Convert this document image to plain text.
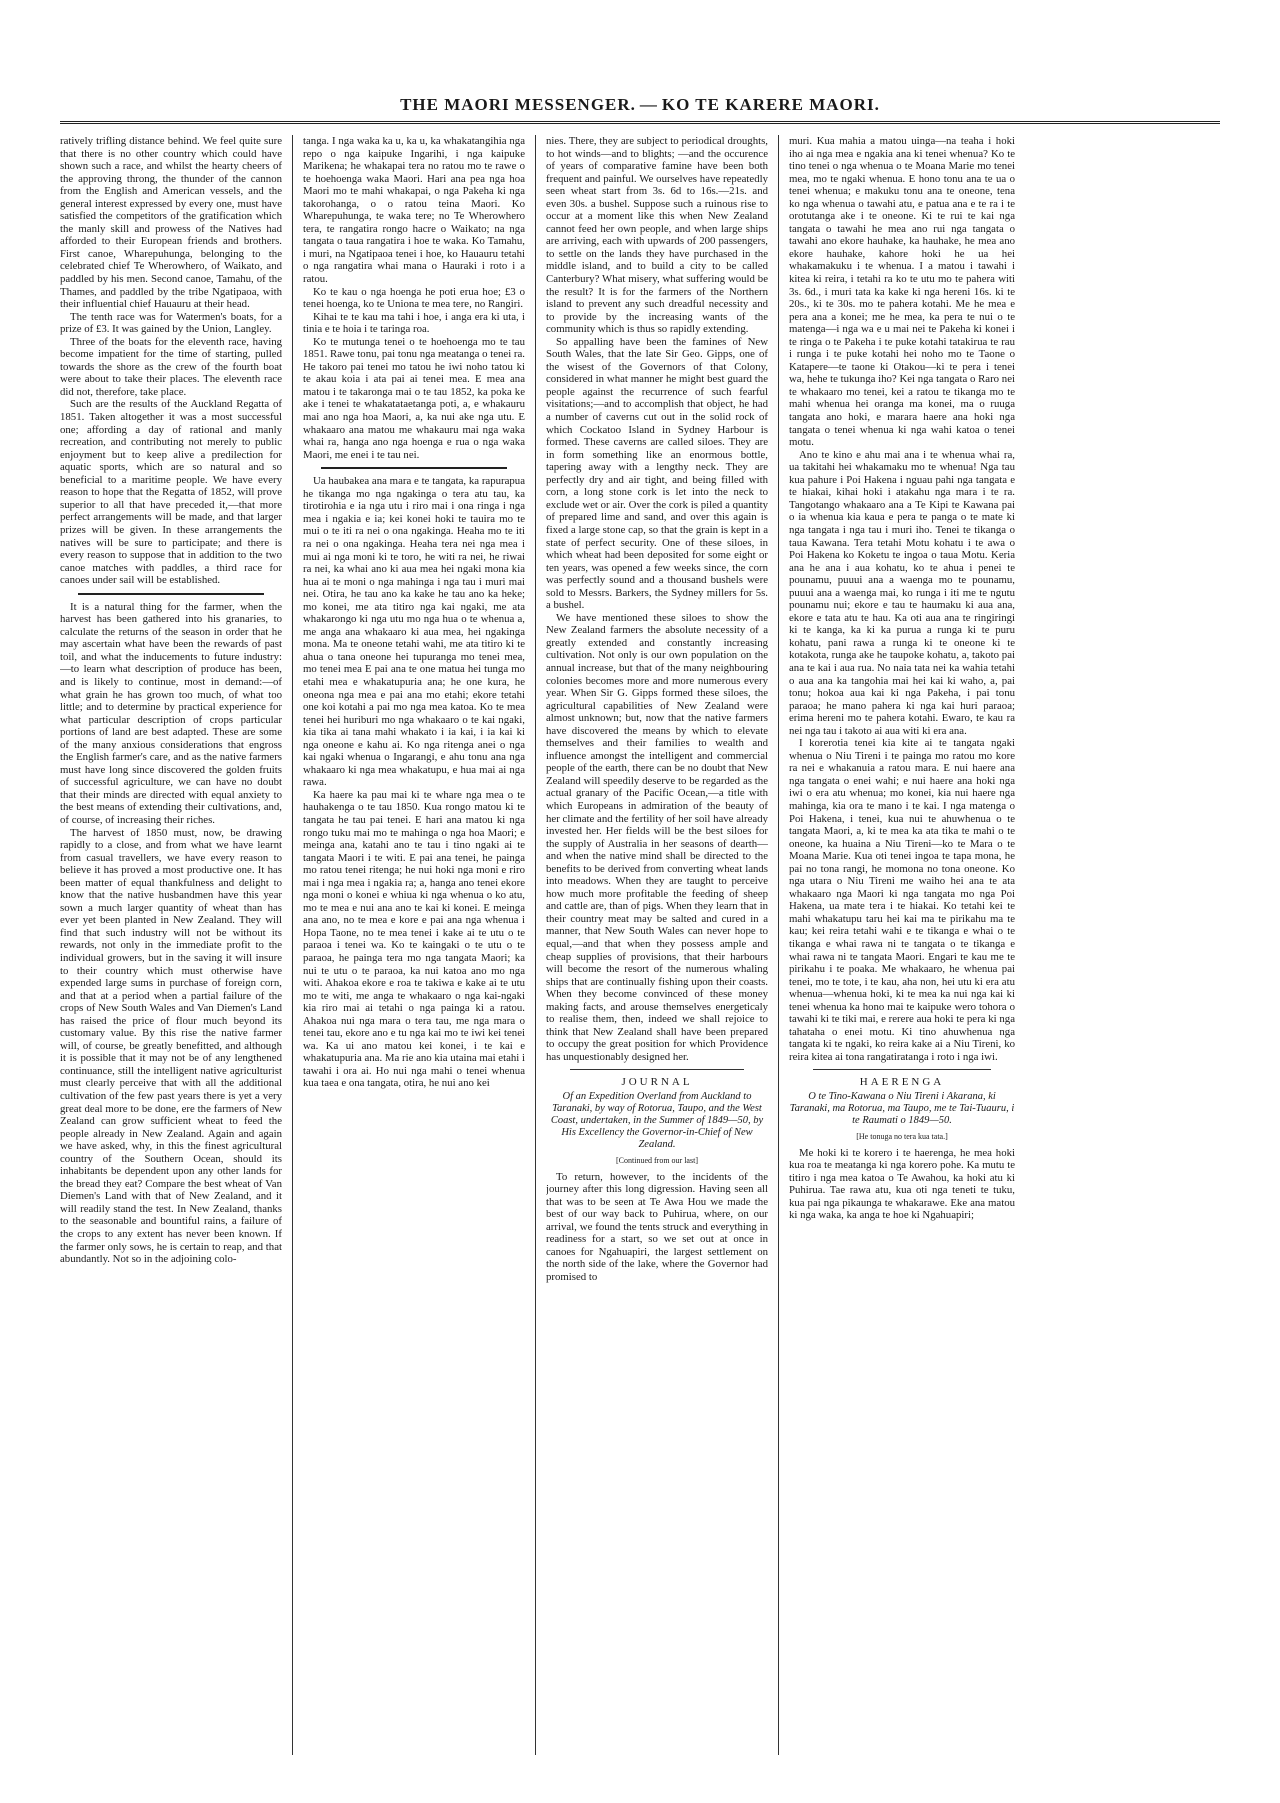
THE MAORI MESSENGER. — KO TE KARERE MAORI.

ratively trifling distance behind. We feel quite sure that there is no other country which could have shown such a race, and whilst the hearty cheers of the approving throng, the thunder of the cannon from the English and American vessels, and the general interest expressed by every one, must have satisfied the competitors of the gratification which the manly skill and prowess of the Natives had afforded to their European friends and brothers. First canoe, Wharepuhunga, belonging to the celebrated chief Te Wherowhero, of Waikato, and paddled by his men. Second canoe, Tamahu, of the Thames, and paddled by the tribe Ngatipaoa, with their influential chief Hauauru at their head.

The tenth race was for Watermen's boats, for a prize of £3. It was gained by the Union, Langley.

Three of the boats for the eleventh race, having become impatient for the time of starting, pulled towards the shore as the crew of the fourth boat were about to take their places. The eleventh race did not, therefore, take place.

Such are the results of the Auckland Regatta of 1851. Taken altogether it was a most successful one; affording a day of rational and manly recreation, and contributing not merely to public enjoyment but to keep alive a predilection for aquatic sports, which are so natural and so beneficial to a maritime people. We have every reason to hope that the Regatta of 1852, will prove superior to all that have preceded it,—that more perfect arrangements will be made, and that larger prizes will be given. In these arrangements the natives will be sure to participate; and there is every reason to suppose that in addition to the two canoe matches with paddles, a third race for canoes under sail will be established.

It is a natural thing for the farmer, when the harvest has been gathered into his granaries, to calculate the returns of the season in order that he may ascertain what have been the rewards of past toil, and what the inducements to future industry:—to learn what description of produce has been, and is likely to continue, most in demand:—of what grain he has grown too much, of what too little; and to determine by practical experience for what particular description of crops particular portions of land are best adapted. These are some of the many anxious considerations that engross the English farmer's care, and as the native farmers must have long since discovered the golden fruits of successful agriculture, we can have no doubt that their minds are directed with equal anxiety to the best means of extending their cultivations, and, of course, of increasing their riches.

The harvest of 1850 must, now, be drawing rapidly to a close, and from what we have learnt from casual travellers, we have every reason to believe it has proved a most productive one. It has been matter of equal thankfulness and delight to know that the native husbandmen have this year sown a much larger quantity of wheat than has ever yet been planted in New Zealand. They will find that such industry will not be without its rewards, not only in the immediate profit to the individual growers, but in the saving it will insure to their country which must otherwise have expended large sums in purchase of foreign corn, and that at a period when a partial failure of the crops of New South Wales and Van Diemen's Land has raised the price of flour much beyond its customary value. By this rise the native farmer will, of course, be greatly benefitted, and although it is possible that it may not be of any lengthened continuance, still the intelligent native agriculturist must clearly perceive that with all the additional cultivation of the few past years there is yet a very great deal more to be done, ere the farmers of New Zealand can grow sufficient wheat to feed the people already in New Zealand. Again and again we have asked, why, in this the finest agricultural country of the Southern Ocean, should its inhabitants be dependent upon any other lands for the bread they eat? Compare the best wheat of Van Diemen's Land with that of New Zealand, and it will readily stand the test. In New Zealand, thanks to the seasonable and bountiful rains, a failure of the crops to any extent has never been known. If the farmer only sows, he is certain to reap, and that abundantly. Not so in the adjoining colo-

tanga. I nga waka ka u, ka u, ka whakatangihia nga repo o nga kaipuke Ingarihi, i nga kaipuke Marikena; he whakapai tera no ratou mo te rawe o te hoehoenga waka Maori. Hari ana pea nga hoa Maori mo te mahi whakapai, o nga Pakeha ki nga takorohanga, o o ratou teina Maori. Ko Wharepuhunga, te waka tere; no Te Wherowhero tera, te rangatira rongo hacre o Waikato; na nga tangata o taua rangatira i hoe te waka. Ko Tamahu, i muri, na Ngatipaoa tenei i hoe, ko Hauauru tetahi o nga rangatira whai mana o Hauraki i roto i a ratou.

Ko te kau o nga hoenga he poti erua hoe; £3 o tenei hoenga, ko te Uniona te mea tere, no Rangiri.

Kihai te te kau ma tahi i hoe, i anga era ki uta, i tinia e te hoia i te taringa roa.

Ko te mutunga tenei o te hoehoenga mo te tau 1851. Rawe tonu, pai tonu nga meatanga o tenei ra. He takoro pai tenei mo tatou he iwi noho tatou ki te akau koia i ata pai ai tenei mea. E mea ana matou i te takaronga mai o te tau 1852, ka poka ke ake i tenei te whakatataetanga poti, a, e whakauru mai ano nga hoa Maori, a, ka nui ake nga utu. E whakaaro ana matou me whakauru mai nga waka whai ra, hanga ano nga hoenga e rua o nga waka Maori, me enei i te tau nei.

Ua haubakea ana mara e te tangata, ka rapurapua he tikanga mo nga ngakinga o tera atu tau, ka tirotirohia e ia nga utu i riro mai i ona ringa i nga mea i ngakia e ia; kei konei hoki te tauira mo te mui o te iti ra nei o ona ngakinga. Heaha mo te iti ra nei o ona ngakinga. Heaha tera nei nga mea i mui ai nga moni ki te toro, he witi ra nei, he riwai ra nei, ka whai ano ki aua mea hei ngaki mona kia hua ai te moni o nga mahinga i nga tau i muri mai nei. Otira, he tau ano ka kake he tau ano ka heke; mo konei, me ata titiro nga kai ngaki, me ata whakarongo ki nga utu mo nga hua o te whenua a, me anga ana whakaaro ki aua mea, hei ngakinga mona. Ma te oneone tetahi wahi, me ata titiro ki te ahua o tana oneone hei tupuranga mo tenei mea, mo tenei mea E pai ana te one matua hei tunga mo etahi mea e whakatupuria ana; he one kura, he oneona nga mea e pai ana mo etahi; ekore tetahi one koi kotahi a pai mo nga mea katoa. Ko te mea tenei hei huriburi mo nga whakaaro o te kai ngaki, kia tika ai tana mahi whakato i ia kai, i ia kai ki nga oneone e kahu ai. Ko nga ritenga anei o nga kai ngaki whenua o Ingarangi, e ahu tonu ana nga whakaaro ki nga mea whakatupu, e hua mai ai nga rawa.

Ka haere ka pau mai ki te whare nga mea o te hauhakenga o te tau 1850. Kua rongo matou ki te tangata he tau pai tenei. E hari ana matou ki nga rongo tuku mai mo te mahinga o nga hoa Maori; e meinga ana, katahi ano te tau i tino ngaki ai te tangata Maori i te witi. E pai ana tenei, he painga mo ratou tenei ritenga; he nui hoki nga moni e riro mai i nga mea i ngakia ra; a, hanga ano tenei ekore nga moni o konei e whiua ki nga whenua o ko atu, mo te mea e nui ana ano te kai ki konei. E meinga ana ano, no te mea e kore e pai ana nga whenua i Hopa Taone, no te mea tenei i kake ai te utu o te paraoa i tenei wa. Ko te kaingaki o te utu o te paraoa, he painga tera mo nga tangata Maori; ka nui te utu o te paraoa, ka nui katoa ano mo nga witi. Ahakoa ekore e roa te takiwa e kake ai te utu mo te witi, me anga te whakaaro o nga kai-ngaki kia riro mai ai tetahi o nga painga ki a ratou. Ahakoa nui nga mara o tera tau, me nga mara o tenei tau, ekore ano e tu nga kai mo te iwi kei tenei wa. Ka ui ano matou kei konei, i te kai e whakatupuria ana. Ma rie ano kia utaina mai etahi i tawahi i ora ai. Ho nui nga mahi o tenei whenua kua taea e ona tangata, otira, he nui ano kei

nies. There, they are subject to periodical droughts, to hot winds—and to blights; —and the occurence of years of comparative famine have been both frequent and painful. We ourselves have repeatedly seen wheat start from 3s. 6d to 16s.—21s. and even 30s. a bushel. Suppose such a ruinous rise to occur at a moment like this when New Zealand cannot feed her own people, and when large ships are arriving, each with upwards of 200 passengers, to settle on the lands they have purchased in the middle island, and to build a city to be called Canterbury? What misery, what suffering would be the result? It is for the farmers of the Northern island to prevent any such dreadful necessity and to provide by the increasing wants of the community which is thus so rapidly extending.

So appalling have been the famines of New South Wales, that the late Sir Geo. Gipps, one of the wisest of the Governors of that Colony, considered in what manner he might best guard the people against the recurrence of such fearful visitations;—and to accomplish that object, he had a number of caverns cut out in the solid rock of which Cockatoo Island in Sydney Harbour is formed. These caverns are called siloes. They are in form something like an enormous bottle, tapering away with a lengthy neck. They are perfectly dry and air tight, and being filled with corn, a long stone cork is let into the neck to exclude wet or air. Over the cork is piled a quantity of prepared lime and sand, and over this again is fixed a large stone cap, so that the grain is kept in a state of perfect security. One of these siloes, in which wheat had been deposited for some eight or ten years, was opened a few weeks since, the corn was perfectly sound and a thousand bushels were sold to Messrs. Barkers, the Sydney millers for 5s. a bushel.

We have mentioned these siloes to show the New Zealand farmers the absolute necessity of a greatly extended and constantly increasing cultivation. Not only is our own population on the annual increase, but that of the many neighbouring colonies becomes more and more numerous every year. When Sir G. Gipps formed these siloes, the agricultural capabilities of New Zealand were almost unknown; but, now that the native farmers have discovered the means by which to elevate themselves and their families to wealth and influence amongst the intelligent and commercial people of the earth, there can be no doubt that New Zealand will speedily deserve to be regarded as the actual granary of the Pacific Ocean,—a title with which Europeans in admiration of the beauty of her climate and the fertility of her soil have already invested her. Her fields will be the best siloes for the supply of Australia in her seasons of dearth—and when the native mind shall be directed to the benefits to be derived from converting wheat lands into meadows. When they are taught to perceive how much more profitable the feeding of sheep and cattle are, than of pigs. When they learn that in their country meat may be salted and cured in a manner, that New South Wales can never hope to equal,—and that when they possess ample and cheap supplies of provisions, that their harbours will become the resort of the numerous whaling ships that are continually fishing upon their coasts. When they become convinced of these money making facts, and arouse themselves energeticaly to realise them, then, indeed we shall rejoice to think that New Zealand shall have been prepared to occupy the great position for which Providence has unquestionably designed her.

JOURNAL
Of an Expedition Overland from Auckland to Taranaki, by way of Rotorua, Taupo, and the West Coast, undertaken, in the Summer of 1849—50, by His Excellency the Governor-in-Chief of New Zealand.
[Continued from our last]

To return, however, to the incidents of the journey after this long digression. Having seen all that was to be seen at Te Awa Hou we made the best of our way back to Puhirua, where, on our arrival, we found the tents struck and everything in readiness for a start, so we set out at once in canoes for Ngahuapiri, the largest settlement on the north side of the lake, where the Governor had promised to

muri. Kua mahia a matou uinga—na teaha i hoki iho ai nga mea e ngakia ana ki tenei whenua? Ko te tino tenei o nga whenua o te Moana Marie mo tenei mea, mo te ngaki whenua. E hono tonu ana te ua o tenei whenua; e makuku tonu ana te oneone, tena ko nga whenua o tawahi atu, e patua ana e te ra i te orotutanga ake i te oneone. Ki te rui te kai nga tangata o tawahi he mea ano rui nga tangata o tawahi ano ekore hauhake, ka hauhake, he mea ano ekore hauhake, kahore hoki he ua hei whakamakuku i te whenua. I a matou i tawahi i kitea ki reira, i tetahi ra ko te utu mo te pahera witi 3s. 6d., i muri tata ka kake ki nga hereni 16s. ki te 20s., ki te 30s. mo te pahera kotahi. Me he mea e pera ana a konei; me he mea, ka pera te nui o te matenga—i nga wa e u mai nei te Pakeha ki konei i te ringa o te Pakeha i te puke kotahi tatakirua te rau i runga i te puke kotahi hei noho mo te Taone o Katapere—te taone ki Otakou—ki te pera i tenei wa, hehe te tukunga iho? Kei nga tangata o Raro nei te whakaaro mo tenei, kei a ratou te tikanga mo te mahi whenua hei oranga ma konei, ma o ruuga tangata ano hoki, e marara haere ana hoki nga tangata o tenei whenua ki nga wahi katoa o tenei motu.

Ano te kino e ahu mai ana i te whenua whai ra, ua takitahi hei whakamaku mo te whenua! Nga tau kua pahure i Poi Hakena i nguau pahi nga tangata e te hiakai, kihai hoki i atakahu nga mara i te ra. Tangotango whakaaro ana a Te Kipi te Kawana pai o ia whenua kia kaua e pera te panga o te mate ki nga tangata i nga tau i muri iho. Tenei te tikanga o taua Kawana. Tera tetahi Motu kohatu i te awa o Poi Hakena ko Koketu te ingoa o taua Motu. Keria ana he ana i aua kohatu, ko te ahua i penei te pounamu, puuui ana a waenga mo te pounamu, puuui ana a waenga mai, ko runga i iti me te ngutu pounamu nui; ekore e tau te haumaku ki aua ana, ekore e tata atu te hau. Ka oti aua ana te ringiringi ki te kanga, ka ki ka purua a runga ki te puru kohatu, pani rawa a runga ki te oneone ki te kotakota, runga ake he taupoke kohatu, a, takoto pai ana te kai i aua rua. No naia tata nei ka wahia tetahi o aua ana ka tangohia mai hei kai ki waho, a, pai tonu; hokoa aua kai ki nga Pakeha, i pai tonu paraoa; he mano pahera ki nga kai huri paraoa; erima hereni mo te pahera kotahi. Ewaro, te kau ra nei nga tau i takoto ai aua witi ki era ana.

I korerotia tenei kia kite ai te tangata ngaki whenua o Niu Tireni i te painga mo ratou mo kore ra nei e whakanuia a ratou mara. E nui haere ana nga tangata o enei wahi; e nui haere ana hoki nga iwi o era atu whenua; mo konei, kia nui haere nga mahinga, kia ora te mano i te kai. I nga matenga o Poi Hakena, i tenei, kua nui te ahuwhenua o te tangata Maori, a, ki te mea ka ata tika te mahi o te oneone, ka huaina a Niu Tireni—ko te Mara o te Moana Marie. Kua oti tenei ingoa te tapa mona, he pai no tona rangi, he momona no tona oneone. Ko nga utara o Niu Tireni me waiho hei ana te ata whakaaro nga Maori ki nga tangata mo nga Poi Hakena, ua mate tera i te hiakai. Ko tetahi kei te mahi whakatupu taru hei kai ma te pirikahu ma te kau; kei reira tetahi wahi e te tikanga e whai o te tikanga e whai rawa ni te tangata o te tikanga e whai rawa ni te tangata Maori. Engari te kau me te pirikahu i te poaka. Me whakaaro, he whenua pai tenei, mo te tote, i te kau, aha non, hei utu ki era atu whenua—whenua hoki, ki te mea ka nui nga kai ki tenei whenua ka hono mai te kaipuke wero tohora o tawahi ki te tiki mai, e rerere aua hoki te pera ki nga tahataha o enei motu. Ki tino ahuwhenua nga tangata ki te ngaki, ko reira kake ai a Niu Tireni, ko reira kitea ai tona rangatiratanga i roto i nga iwi.

HAERENGA
O te Tino-Kawana o Niu Tireni i Akarana, ki Taranaki, ma Rotorua, ma Taupo, me te Tai-Tuauru, i te Raumati o 1849—50.
[He tonuga no tera kua tata.]

Me hoki ki te korero i te haerenga, he mea hoki kua roa te meatanga ki nga korero pohe. Ka mutu te titiro i nga mea katoa o Te Awahou, ka hoki atu ki Puhirua. Tae rawa atu, kua oti nga teneti te tuku, kua pai nga pikaunga te whakarawe. Eke ana matou ki nga waka, ka anga te hoe ki Ngahuapiri;
